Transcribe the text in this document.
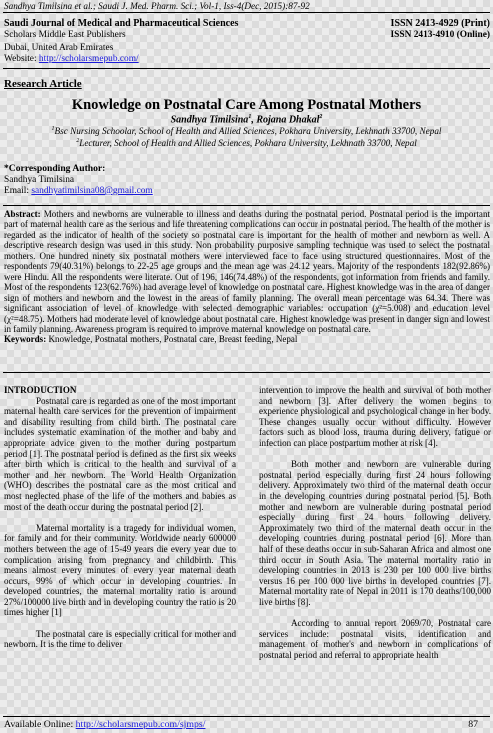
Sandhya Timilsina et al.; Saudi J. Med. Pharm. Sci.; Vol-1, Iss-4(Dec, 2015):87-92
Saudi Journal of Medical and Pharmaceutical Sciences	ISSN 2413-4929 (Print)
Scholars Middle East Publishers	ISSN 2413-4910 (Online)
Dubai, United Arab Emirates
Website: http://scholarsmepub.com/
Research Article
Knowledge on Postnatal Care Among Postnatal Mothers
Sandhya Timilsina$^1$, Rojana Dhakal$^2$
$^1$Bsc Nursing Schoolar, School of Health and Allied Sciences, Pokhara University, Lekhnath 33700, Nepal
$^2$Lecturer, School of Health and Allied Sciences, Pokhara University, Lekhnath 33700, Nepal
*Corresponding Author:
Sandhya Timilsina
Email: sandhyatimilsina08@gmail.com
Abstract: Mothers and newborns are vulnerable to illness and deaths during the postnatal period. Postnatal period is the important part of maternal health care as the serious and life threatening complications can occur in postnatal period. The health of the mother is regarded as the indicator of health of the society so postnatal care is important for the health of mother and newborn as well. A descriptive research design was used in this study. Non probability purposive sampling technique was used to select the postnatal mothers. One hundred ninety six postnatal mothers were interviewed face to face using structured questionnaires. Most of the respondents 79(40.31%) belongs to 22-25 age groups and the mean age was 24.12 years. Majority of the respondents 182(92.86%) were Hindu. All the respondents were literate. Out of 196, 146(74.48%) of the respondents, got information from friends and family. Most of the respondents 123(62.76%) had average level of knowledge on postnatal care. Highest knowledge was in the area of danger sign of mothers and newborn and the lowest in the areas of family planning. The overall mean percentage was 64.34. There was significant association of level of knowledge with selected demographic variables: occupation (χ²=5.008) and education level (χ²=48.75). Mothers had moderate level of knowledge about postnatal care. Highest knowledge was present in danger sign and lowest in family planning. Awareness program is required to improve maternal knowledge on postnatal care.
Keywords: Knowledge, Postnatal mothers, Postnatal care, Breast feeding, Nepal
INTRODUCTION

Postnatal care is regarded as one of the most important maternal health care services for the prevention of impairment and disability resulting from child birth. The postnatal care includes systematic examination of the mother and baby and appropriate advice given to the mother during postpartum period [1]. The postnatal period is defined as the first six weeks after birth which is critical to the health and survival of a mother and her newborn. The World Health Organization (WHO) describes the postnatal care as the most critical and most neglected phase of the life of the mothers and babies as most of the death occur during the postnatal period [2].

Maternal mortality is a tragedy for individual women, for family and for their community. Worldwide nearly 600000 mothers between the age of 15-49 years die every year due to complication arising from pregnancy and childbirth. This means almost every minutes of every year maternal death occurs, 99% of which occur in developing countries. In developed countries, the maternal mortality ratio is around 27%/100000 live birth and in developing country the ratio is 20 times higher [1]

The postnatal care is especially critical for mother and newborn. It is the time to deliver

intervention to improve the health and survival of both mother and newborn [3]. After delivery the women begins to experience physiological and psychological change in her body. These changes usually occur without difficulty. However factors such as blood loss, trauma during delivery, fatigue or infection can place postpartum mother at risk [4].

Both mother and newborn are vulnerable during postnatal period especially during first 24 hours following delivery. Approximately two third of the maternal death occur in the developing countries during postnatal period [5]. Both mother and newborn are vulnerable during postnatal period especially during first 24 hours following delivery. Approximately two third of the maternal death occur in the developing countries during postnatal period [6]. More than half of these deaths occur in sub-Saharan Africa and almost one third occur in South Asia. The maternal mortality ratio in developing countries in 2013 is 230 per 100 000 live births versus 16 per 100 000 live births in developed countries [7]. Maternal mortality rate of Nepal in 2011 is 170 deaths/100,000 live births [8].

According to annual report 2069/70, Postnatal care services include: postnatal visits, identification and management of mother's and newborn in complications of postnatal period and referral to appropriate health

Available Online: http://scholarsmepub.com/sjmps/	87
